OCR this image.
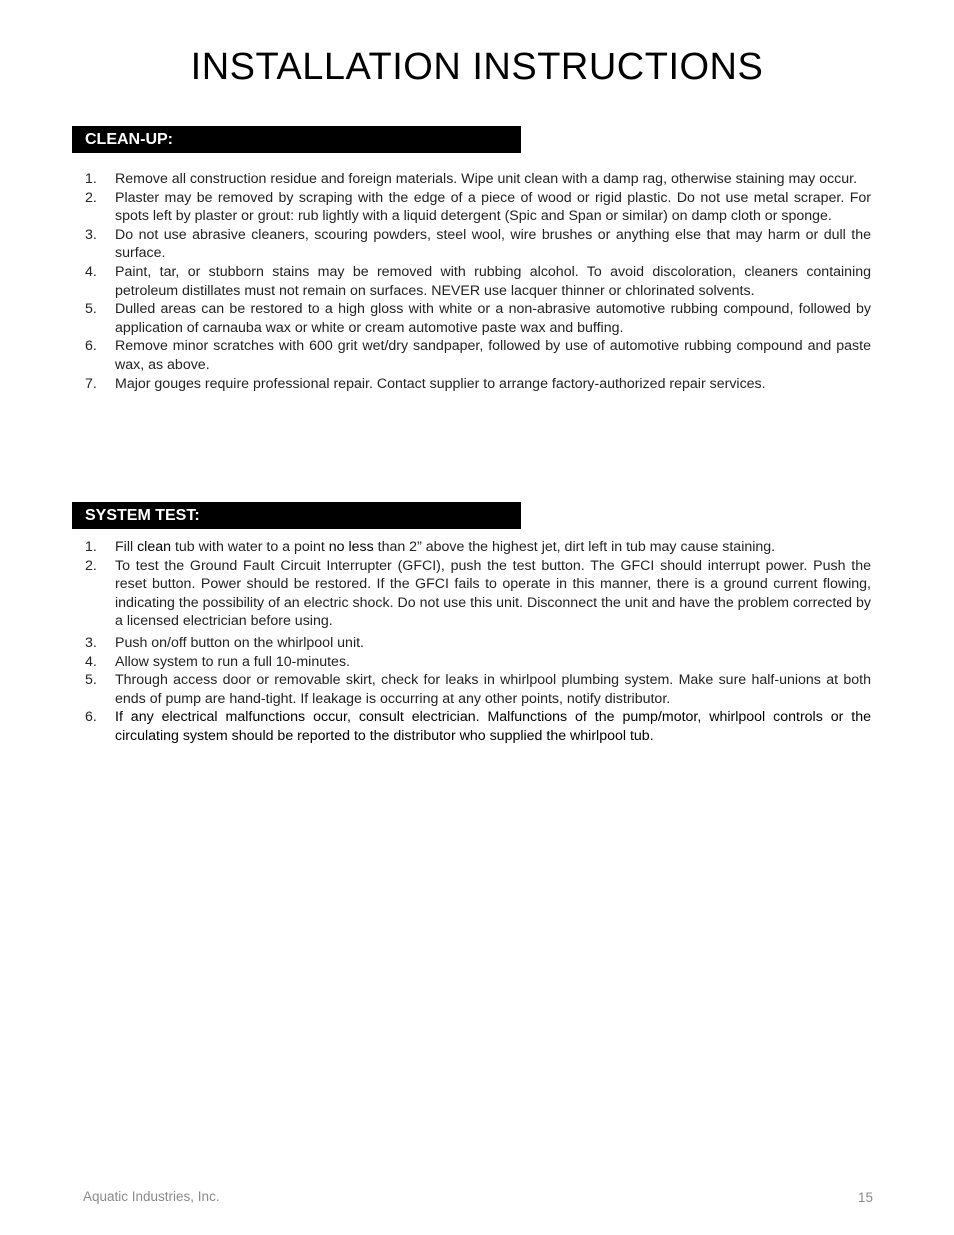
INSTALLATION INSTRUCTIONS
CLEAN-UP:
1. Remove all construction residue and foreign materials. Wipe unit clean with a damp rag, otherwise staining may occur.
2. Plaster may be removed by scraping with the edge of a piece of wood or rigid plastic. Do not use metal scraper. For spots left by plaster or grout: rub lightly with a liquid detergent (Spic and Span or similar) on damp cloth or sponge.
3. Do not use abrasive cleaners, scouring powders, steel wool, wire brushes or anything else that may harm or dull the surface.
4. Paint, tar, or stubborn stains may be removed with rubbing alcohol. To avoid discoloration, cleaners containing petroleum distillates must not remain on surfaces. NEVER use lacquer thinner or chlorinated solvents.
5. Dulled areas can be restored to a high gloss with white or a non-abrasive automotive rubbing compound, followed by application of carnauba wax or white or cream automotive paste wax and buffing.
6. Remove minor scratches with 600 grit wet/dry sandpaper, followed by use of automotive rubbing compound and paste wax, as above.
7. Major gouges require professional repair. Contact supplier to arrange factory-authorized repair services.
SYSTEM TEST:
1. Fill clean tub with water to a point no less than 2” above the highest jet, dirt left in tub may cause staining.
2. To test the Ground Fault Circuit Interrupter (GFCI), push the test button. The GFCI should interrupt power. Push the reset button. Power should be restored. If the GFCI fails to operate in this manner, there is a ground current flowing, indicating the possibility of an electric shock. Do not use this unit. Disconnect the unit and have the problem corrected by a licensed electrician before using.
3. Push on/off button on the whirlpool unit.
4. Allow system to run a full 10-minutes.
5. Through access door or removable skirt, check for leaks in whirlpool plumbing system. Make sure half-unions at both ends of pump are hand-tight. If leakage is occurring at any other points, notify distributor.
6. If any electrical malfunctions occur, consult electrician. Malfunctions of the pump/motor, whirlpool controls or the circulating system should be reported to the distributor who supplied the whirlpool tub.
Aquatic Industries, Inc.	15
